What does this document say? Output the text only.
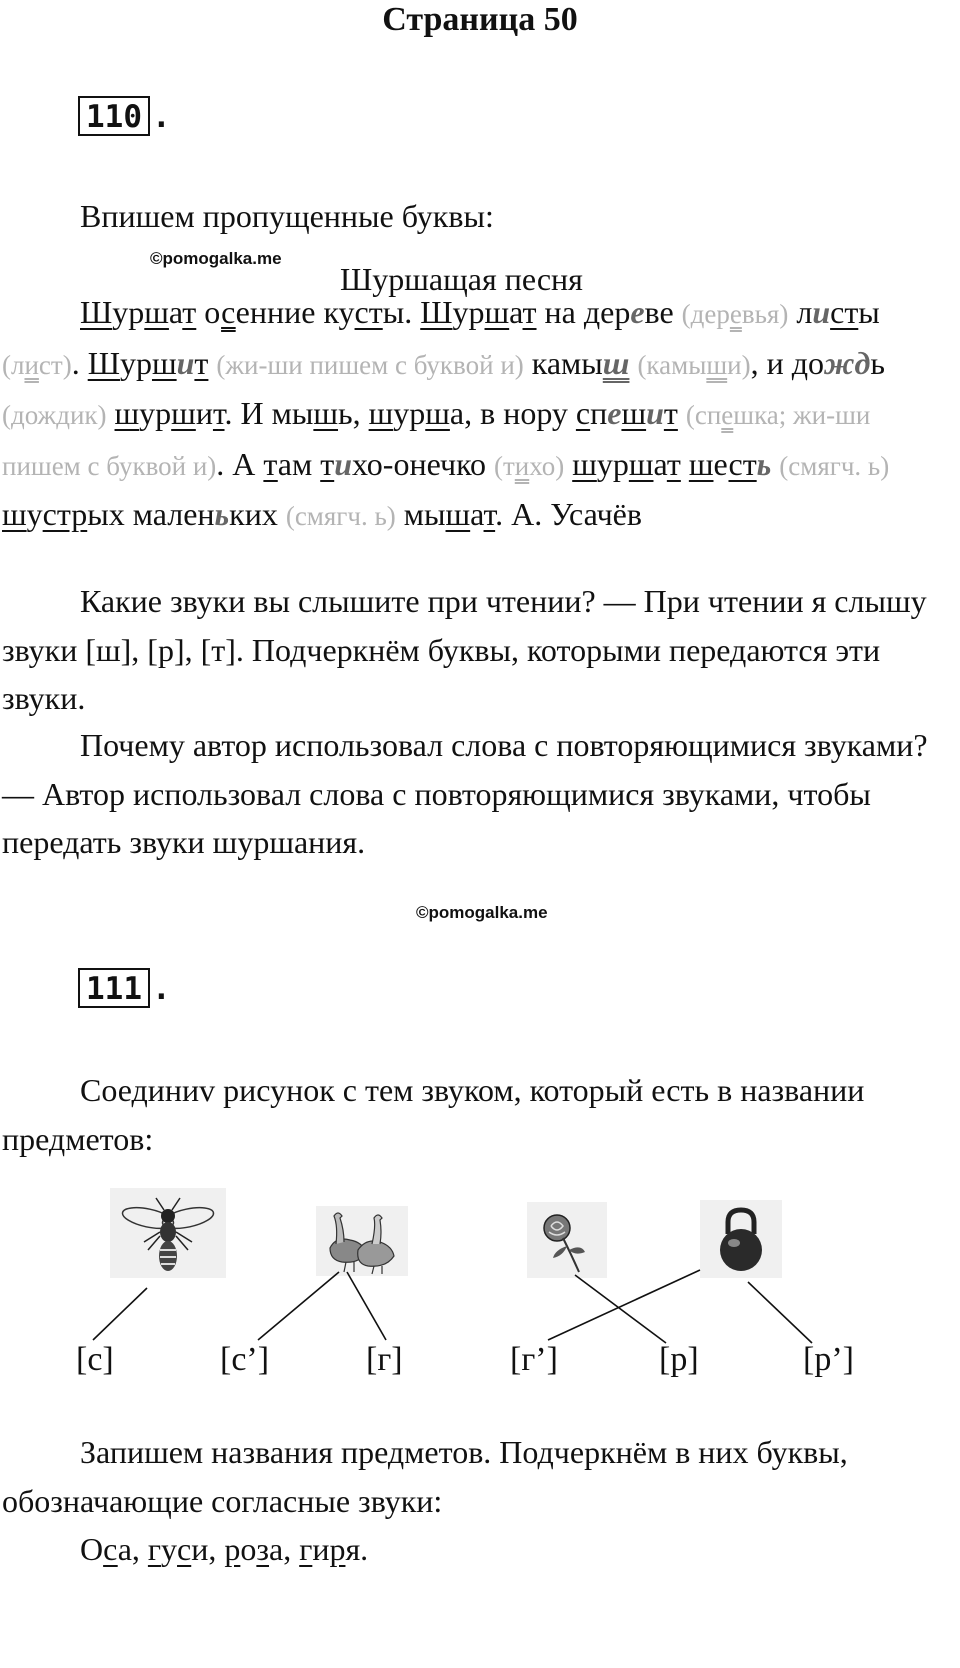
Страница 50
110 .
Впишем пропущенные буквы:
©pomogalka.me
Шуршащая песня
Шуршат осенние кусты. Шуршат на дереве (деревья) листы (лист). Шуршит (жи-ши пишем с буквой и) камыш (камыши), и дождь (дождик) шуршит. И мышь, шурша, в нору спешит (спешка; жи-ши пишем с буквой и). А там тихо-онечко (тихо) шуршат шесть (смягч. ь) шустрых маленьких (смягч. ь) мышат. А. Усачёв
Какие звуки вы слышите при чтении? — При чтении я слышу звуки [ш], [р], [т]. Подчеркнём буквы, которыми передаются эти звуки.
Почему автор использовал слова с повторяющимися звуками? — Автор использовал слова с повторяющимися звуками, чтобы передать звуки шуршания.
©pomogalka.me
111 .
Соединиv рисунок с тем звуком, который есть в названии предметов:
[с]	[с’]	[г]	[г’]	[р]	[р’]
Запишем названия предметов. Подчеркнём в них буквы, обозначающие согласные звуки:
Оса, гуси, роза, гиря.
